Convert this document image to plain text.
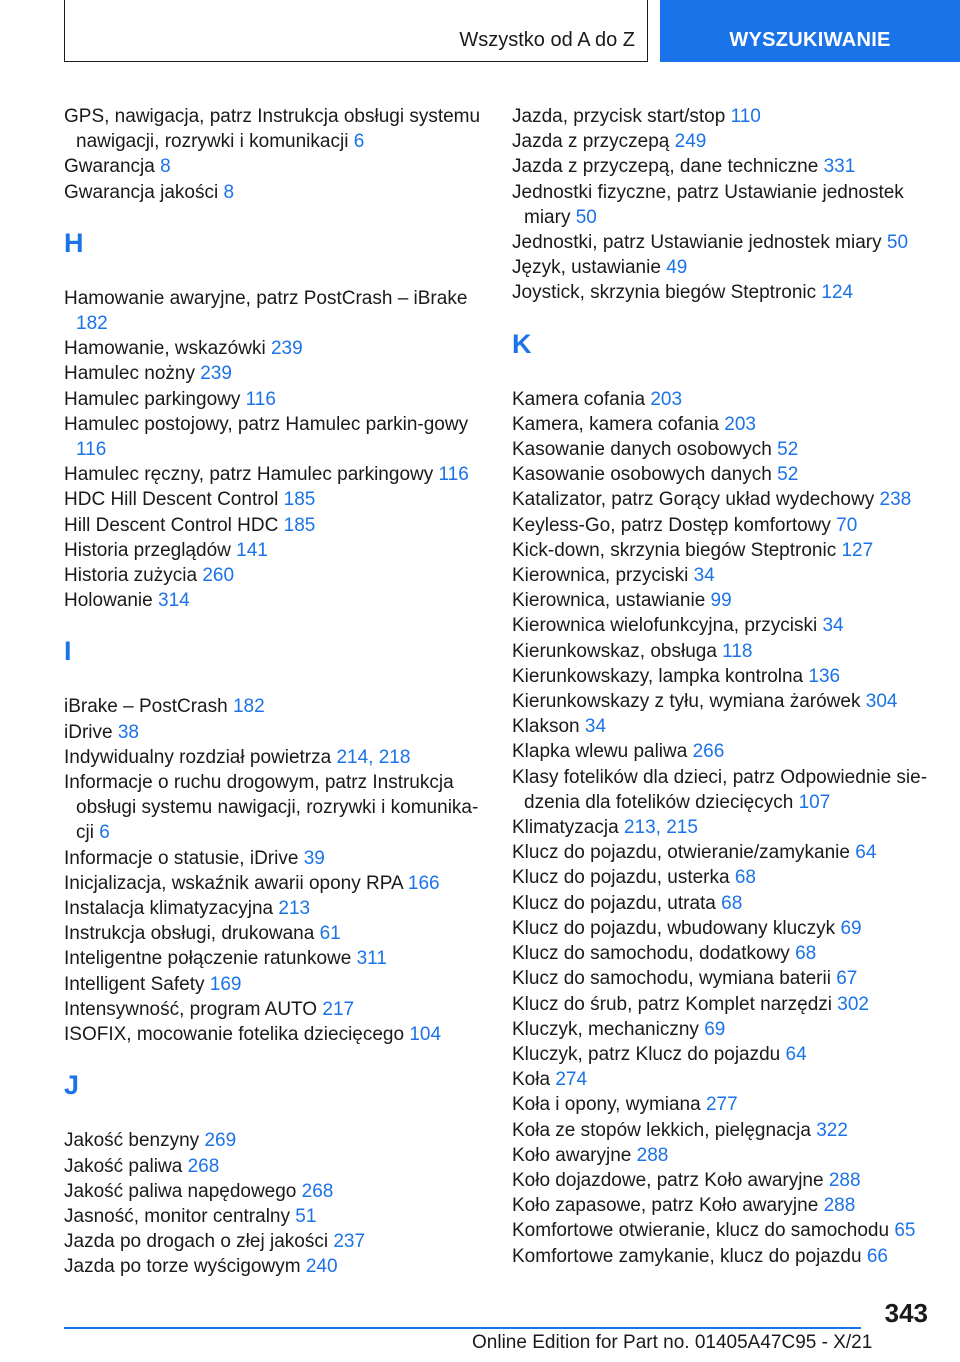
Wszystko od A do Z	WYSZUKIWANIE
GPS, nawigacja, patrz Instrukcja obsługi systemu nawigacji, rozrywki i komunikacji 6
Gwarancja 8
Gwarancja jakości 8
H
Hamowanie awaryjne, patrz PostCrash – iBrake 182
Hamowanie, wskazówki 239
Hamulec nożny 239
Hamulec parkingowy 116
Hamulec postojowy, patrz Hamulec parkin-gowy 116
Hamulec ręczny, patrz Hamulec parkingowy 116
HDC Hill Descent Control 185
Hill Descent Control HDC 185
Historia przeglądów 141
Historia zużycia 260
Holowanie 314
I
iBrake – PostCrash 182
iDrive 38
Indywidualny rozdział powietrza 214, 218
Informacje o ruchu drogowym, patrz Instrukcja obsługi systemu nawigacji, rozrywki i komunika-cji 6
Informacje o statusie, iDrive 39
Inicjalizacja, wskaźnik awarii opony RPA 166
Instalacja klimatyzacyjna 213
Instrukcja obsługi, drukowana 61
Inteligentne połączenie ratunkowe 311
Intelligent Safety 169
Intensywność, program AUTO 217
ISOFIX, mocowanie fotelika dziecięcego 104
J
Jakość benzyny 269
Jakość paliwa 268
Jakość paliwa napędowego 268
Jasność, monitor centralny 51
Jazda po drogach o złej jakości 237
Jazda po torze wyścigowym 240
Jazda, przycisk start/stop 110
Jazda z przyczepą 249
Jazda z przyczepą, dane techniczne 331
Jednostki fizyczne, patrz Ustawianie jednostek miary 50
Jednostki, patrz Ustawianie jednostek miary 50
Język, ustawianie 49
Joystick, skrzynia biegów Steptronic 124
K
Kamera cofania 203
Kamera, kamera cofania 203
Kasowanie danych osobowych 52
Kasowanie osobowych danych 52
Katalizator, patrz Gorący układ wydechowy 238
Keyless-Go, patrz Dostęp komfortowy 70
Kick-down, skrzynia biegów Steptronic 127
Kierownica, przyciski 34
Kierownica, ustawianie 99
Kierownica wielofunkcyjna, przyciski 34
Kierunkowskaz, obsługa 118
Kierunkowskazy, lampka kontrolna 136
Kierunkowskazy z tyłu, wymiana żarówek 304
Klakson 34
Klapka wlewu paliwa 266
Klasy fotelików dla dzieci, patrz Odpowiednie sie-dzenia dla fotelików dziecięcych 107
Klimatyzacja 213, 215
Klucz do pojazdu, otwieranie/zamykanie 64
Klucz do pojazdu, usterka 68
Klucz do pojazdu, utrata 68
Klucz do pojazdu, wbudowany kluczyk 69
Klucz do samochodu, dodatkowy 68
Klucz do samochodu, wymiana baterii 67
Klucz do śrub, patrz Komplet narzędzi 302
Kluczyk, mechaniczny 69
Kluczyk, patrz Klucz do pojazdu 64
Koła 274
Koła i opony, wymiana 277
Koła ze stopów lekkich, pielęgnacja 322
Koło awaryjne 288
Koło dojazdowe, patrz Koło awaryjne 288
Koło zapasowe, patrz Koło awaryjne 288
Komfortowe otwieranie, klucz do samochodu 65
Komfortowe zamykanie, klucz do pojazdu 66
343
Online Edition for Part no. 01405A47C95 - X/21
